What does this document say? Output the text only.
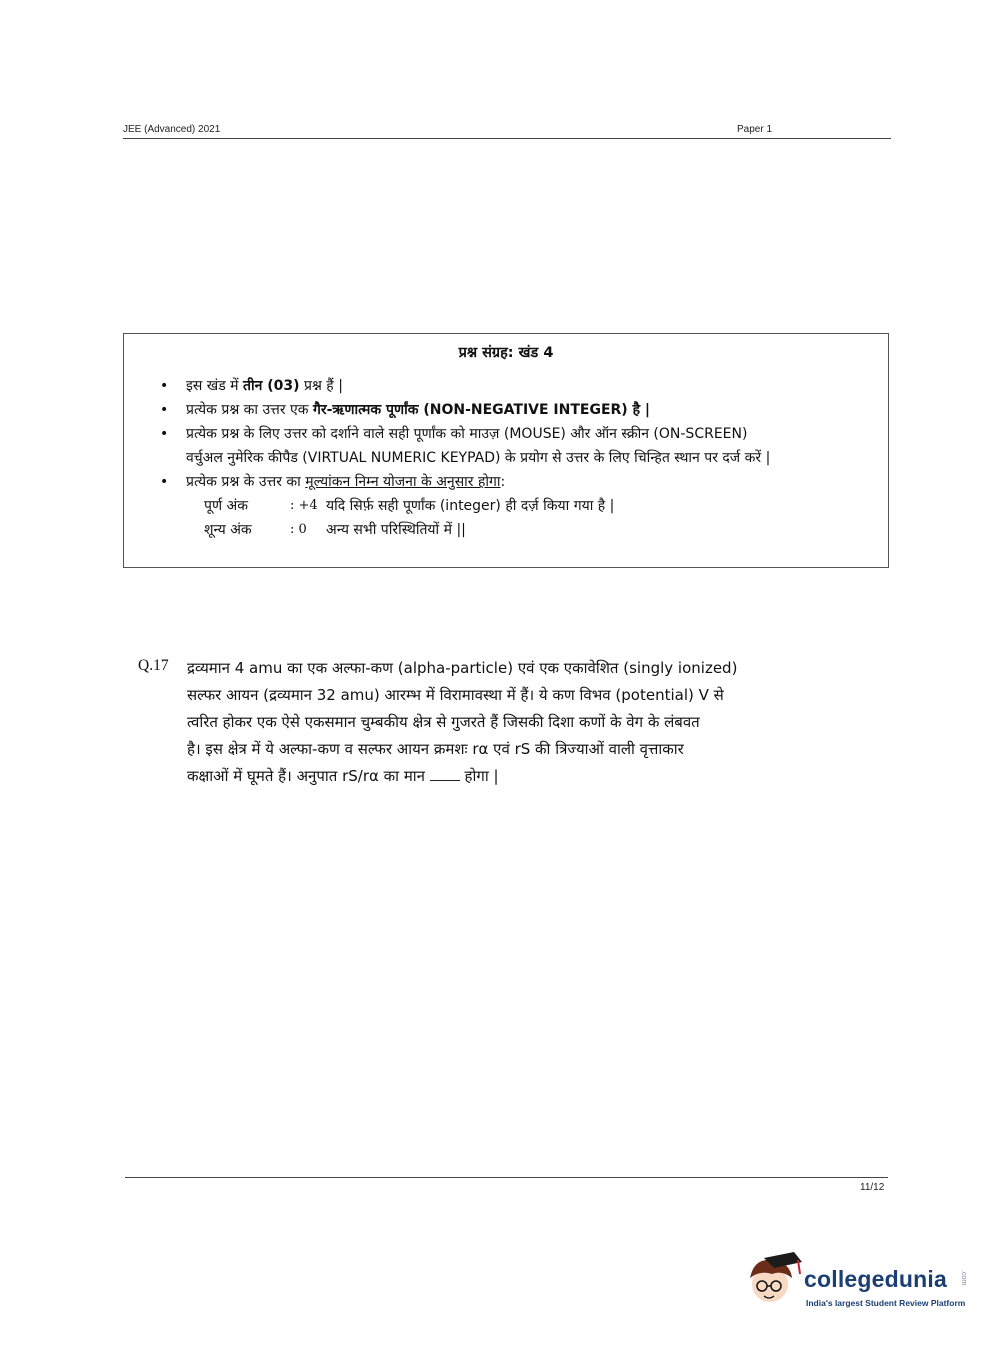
JEE (Advanced) 2021	Paper 1
प्रश्न संग्रह: खंड 4
• इस खंड में तीन (03) प्रश्न हैं |
• प्रत्येक प्रश्न का उत्तर एक गैर-ऋणात्मक पूर्णांक (NON-NEGATIVE INTEGER) है |
• प्रत्येक प्रश्न के लिए उत्तर को दर्शाने वाले सही पूर्णांक को माउज़ (MOUSE) और ऑन स्क्रीन (ON-SCREEN)
वर्चुअल नुमेरिक कीपैड (VIRTUAL NUMERIC KEYPAD) के प्रयोग से उत्तर के लिए चिन्हित स्थान पर दर्ज करें |
• प्रत्येक प्रश्न के उत्तर का मूल्यांकन निम्न योजना के अनुसार होगा:
पूर्ण अंक	: +4 यदि सिर्फ़ सही पूर्णांक (integer) ही दर्ज़ किया गया है |
शून्य अंक	: 0	अन्य सभी परिस्थितियों में ||
Q.17 द्रव्यमान 4 amu का एक अल्फा-कण (alpha-particle) एवं एक एकावेशित (singly ionized)
सल्फर आयन (द्रव्यमान 32 amu) आरम्भ में विरामावस्था में हैं। ये कण विभव (potential) V से
त्वरित होकर एक ऐसे एकसमान चुम्बकीय क्षेत्र से गुजरते हैं जिसकी दिशा कणों के वेग के लंबवत
है। इस क्षेत्र में ये अल्फा-कण व सल्फर आयन क्रमशः rα एवं rS की त्रिज्याओं वाली वृत्ताकार
कक्षाओं में घूमते हैं। अनुपात rS/rα का मान  होगा |
11/12
collegedunia .com
India's largest Student Review Platform
